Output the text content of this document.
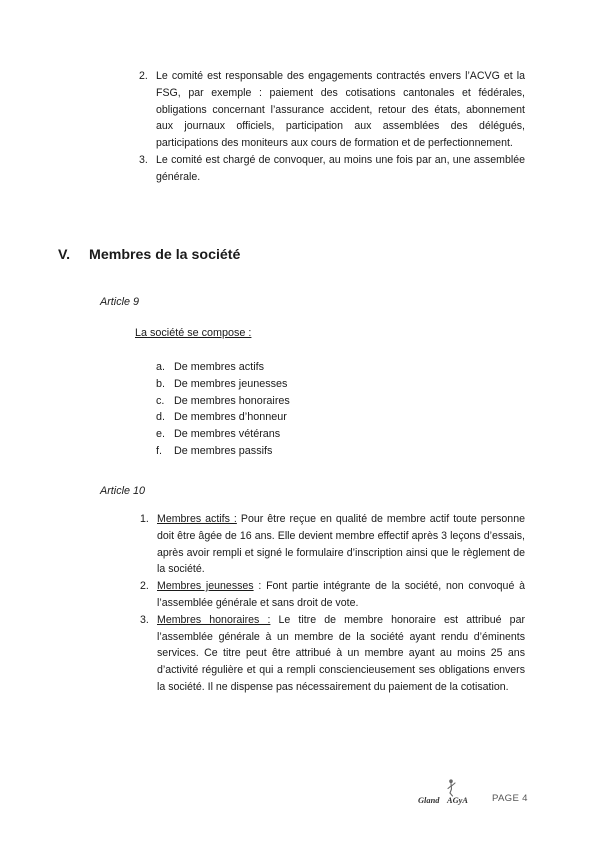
2. Le comité est responsable des engagements contractés envers l’ACVG et la FSG, par exemple : paiement des cotisations cantonales et fédérales, obligations concernant l’assurance accident, retour des états, abonnement aux journaux officiels, participation aux assemblées des délégués, participations des moniteurs aux cours de formation et de perfectionnement.
3. Le comité est chargé de convoquer, au moins une fois par an, une assemblée générale.
V. Membres de la société
Article 9
La société se compose :
a. De membres actifs
b. De membres jeunesses
c. De membres honoraires
d. De membres d’honneur
e. De membres vétérans
f. De membres passifs
Article 10
1. Membres actifs : Pour être reçue en qualité de membre actif toute personne doit être âgée de 16 ans. Elle devient membre effectif après 3 leçons d’essais, après avoir rempli et signé le formulaire d’inscription ainsi que le règlement de la société.
2. Membres jeunesses : Font partie intégrante de la société, non convoqué à l’assemblée générale et sans droit de vote.
3. Membres honoraires : Le titre de membre honoraire est attribué par l’assemblée générale à un membre de la société ayant rendu d’éminents services. Ce titre peut être attribué à un membre ayant au moins 25 ans d’activité régulière et qui a rempli consciencieusement ses obligations envers la société. Il ne dispense pas nécessairement du paiement de la cotisation.
Gland AGyA	PAGE 4
